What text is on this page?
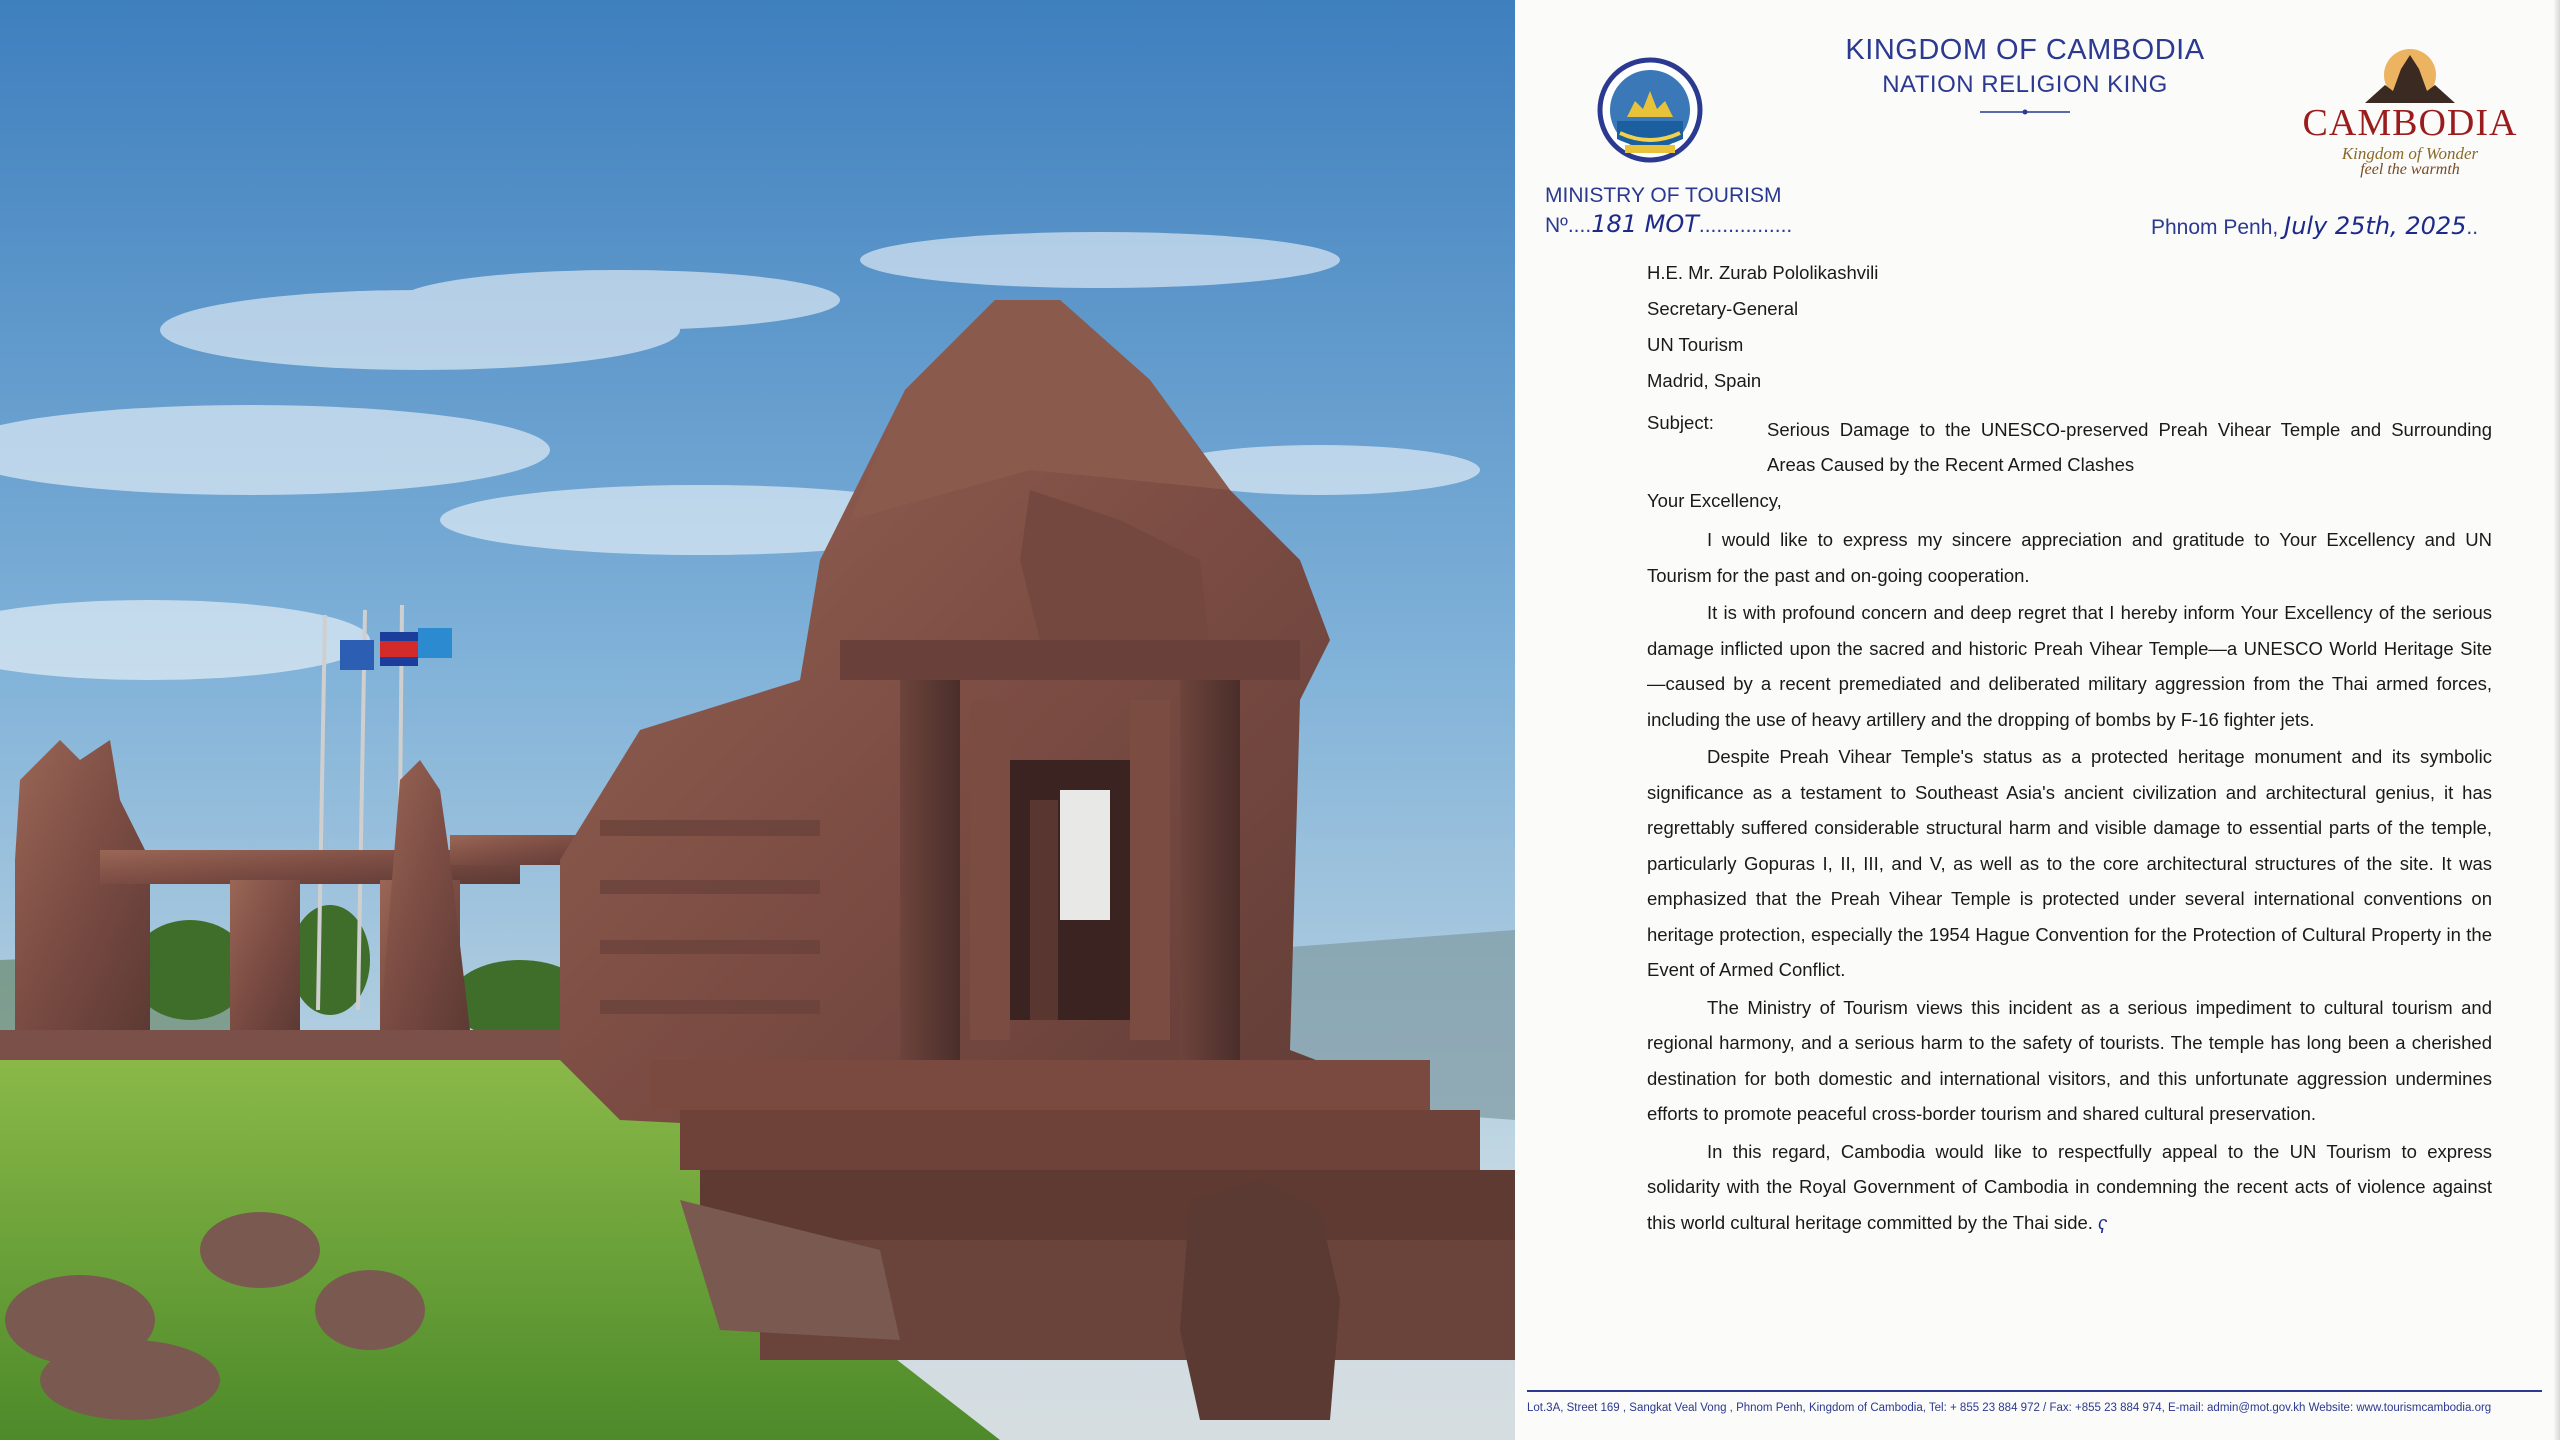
KINGDOM OF CAMBODIA
NATION RELIGION KING
CAMBODIA
Kingdom of Wonder
feel the warmth
MINISTRY OF TOURISM
Nº....181 MOT................	Phnom Penh, July 25th, 2025..
H.E. Mr. Zurab Pololikashvili
Secretary-General
UN Tourism
Madrid, Spain
Subject:	Serious Damage to the UNESCO-preserved Preah Vihear Temple and Surrounding Areas Caused by the Recent Armed Clashes
Your Excellency,

I would like to express my sincere appreciation and gratitude to Your Excellency and UN Tourism for the past and on-going cooperation.

It is with profound concern and deep regret that I hereby inform Your Excellency of the serious damage inflicted upon the sacred and historic Preah Vihear Temple—a UNESCO World Heritage Site—caused by a recent premediated and deliberated military aggression from the Thai armed forces, including the use of heavy artillery and the dropping of bombs by F-16 fighter jets.

Despite Preah Vihear Temple's status as a protected heritage monument and its symbolic significance as a testament to Southeast Asia's ancient civilization and architectural genius, it has regrettably suffered considerable structural harm and visible damage to essential parts of the temple, particularly Gopuras I, II, III, and V, as well as to the core architectural structures of the site. It was emphasized that the Preah Vihear Temple is protected under several international conventions on heritage protection, especially the 1954 Hague Convention for the Protection of Cultural Property in the Event of Armed Conflict.

The Ministry of Tourism views this incident as a serious impediment to cultural tourism and regional harmony, and a serious harm to the safety of tourists. The temple has long been a cherished destination for both domestic and international visitors, and this unfortunate aggression undermines efforts to promote peaceful cross-border tourism and shared cultural preservation.

In this regard, Cambodia would like to respectfully appeal to the UN Tourism to express solidarity with the Royal Government of Cambodia in condemning the recent acts of violence against this world cultural heritage committed by the Thai side. ҁ

Lot.3A, Street 169 , Sangkat Veal Vong , Phnom Penh, Kingdom of Cambodia, Tel: + 855 23 884 972 / Fax: +855 23 884 974, E-mail: admin@mot.gov.kh Website: www.tourismcambodia.org
